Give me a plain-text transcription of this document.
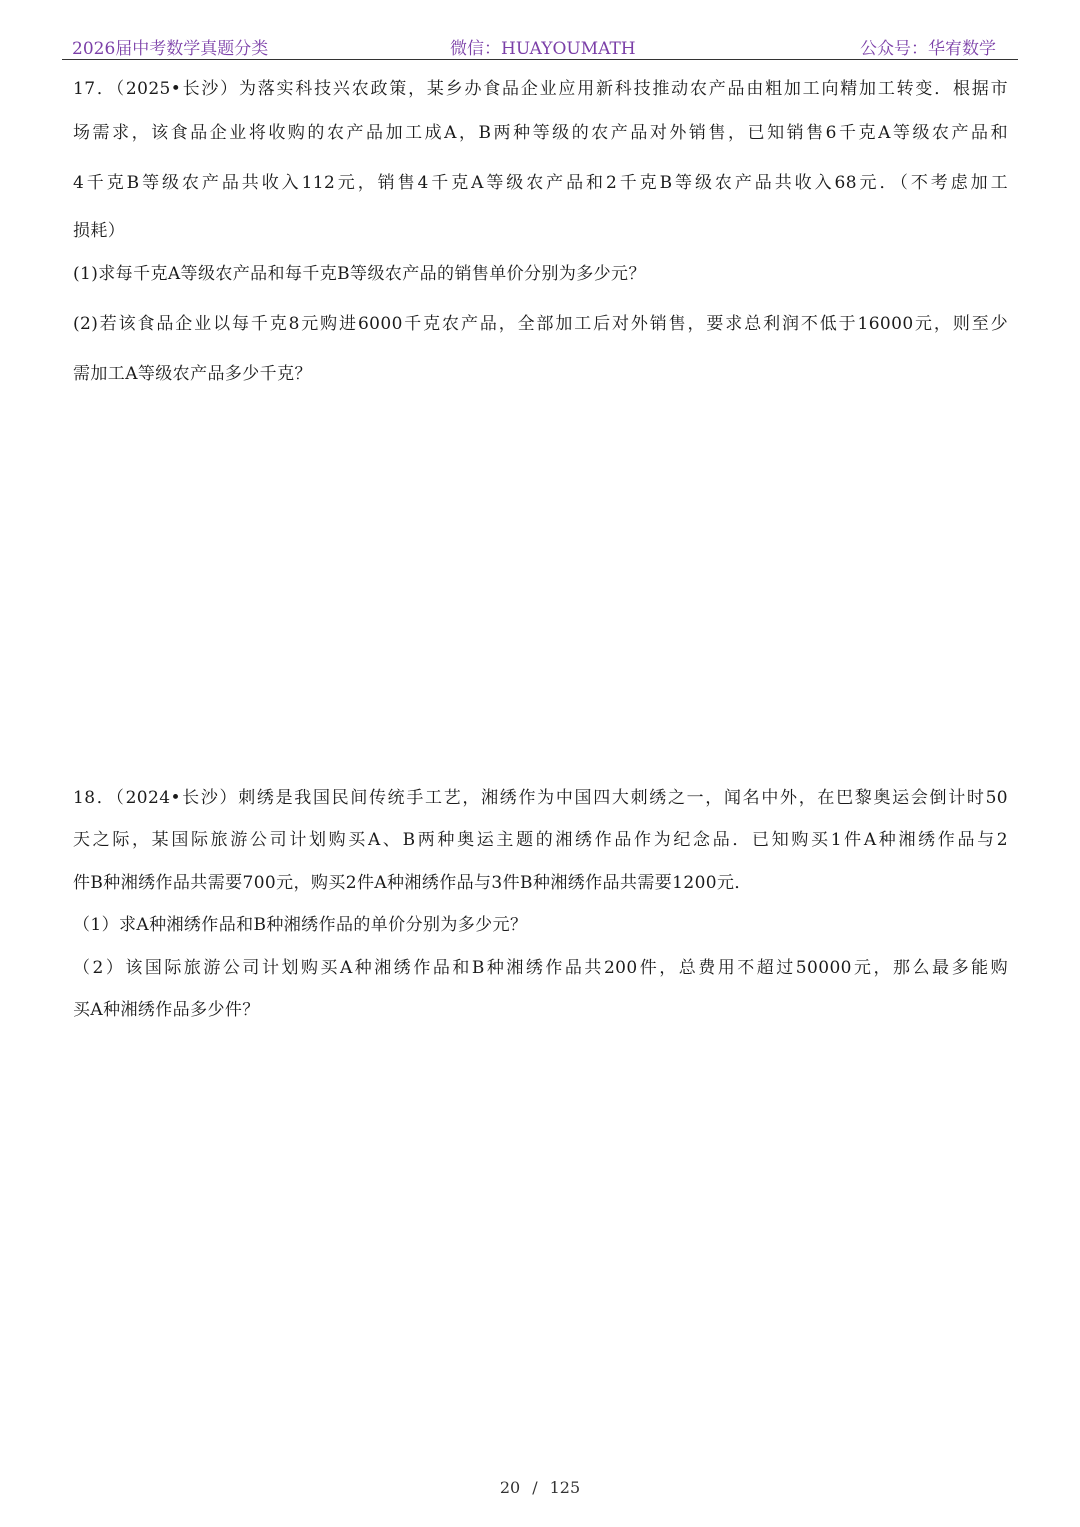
2026届中考数学真题分类	微信：HUAYOUMATH	公众号：华宥数学
17．（2025•长沙）为落实科技兴农政策，某乡办食品企业应用新科技推动农产品由粗加工向精加工转变．根据市
场需求，该食品企业将收购的农产品加工成A，B两种等级的农产品对外销售，已知销售6千克A等级农产品和
4千克B等级农产品共收入112元，销售4千克A等级农产品和2千克B等级农产品共收入68元．（不考虑加工
损耗）
(1)求每千克A等级农产品和每千克B等级农产品的销售单价分别为多少元？
(2)若该食品企业以每千克8元购进6000千克农产品，全部加工后对外销售，要求总利润不低于16000元，则至少
需加工A等级农产品多少千克？
18．（2024•长沙）刺绣是我国民间传统手工艺，湘绣作为中国四大刺绣之一，闻名中外，在巴黎奥运会倒计时50
天之际，某国际旅游公司计划购买A、B两种奥运主题的湘绣作品作为纪念品．已知购买1件A种湘绣作品与2
件B种湘绣作品共需要700元，购买2件A种湘绣作品与3件B种湘绣作品共需要1200元．
（1）求A种湘绣作品和B种湘绣作品的单价分别为多少元？
（2）该国际旅游公司计划购买A种湘绣作品和B种湘绣作品共200件，总费用不超过50000元，那么最多能购
买A种湘绣作品多少件？
20 / 125
